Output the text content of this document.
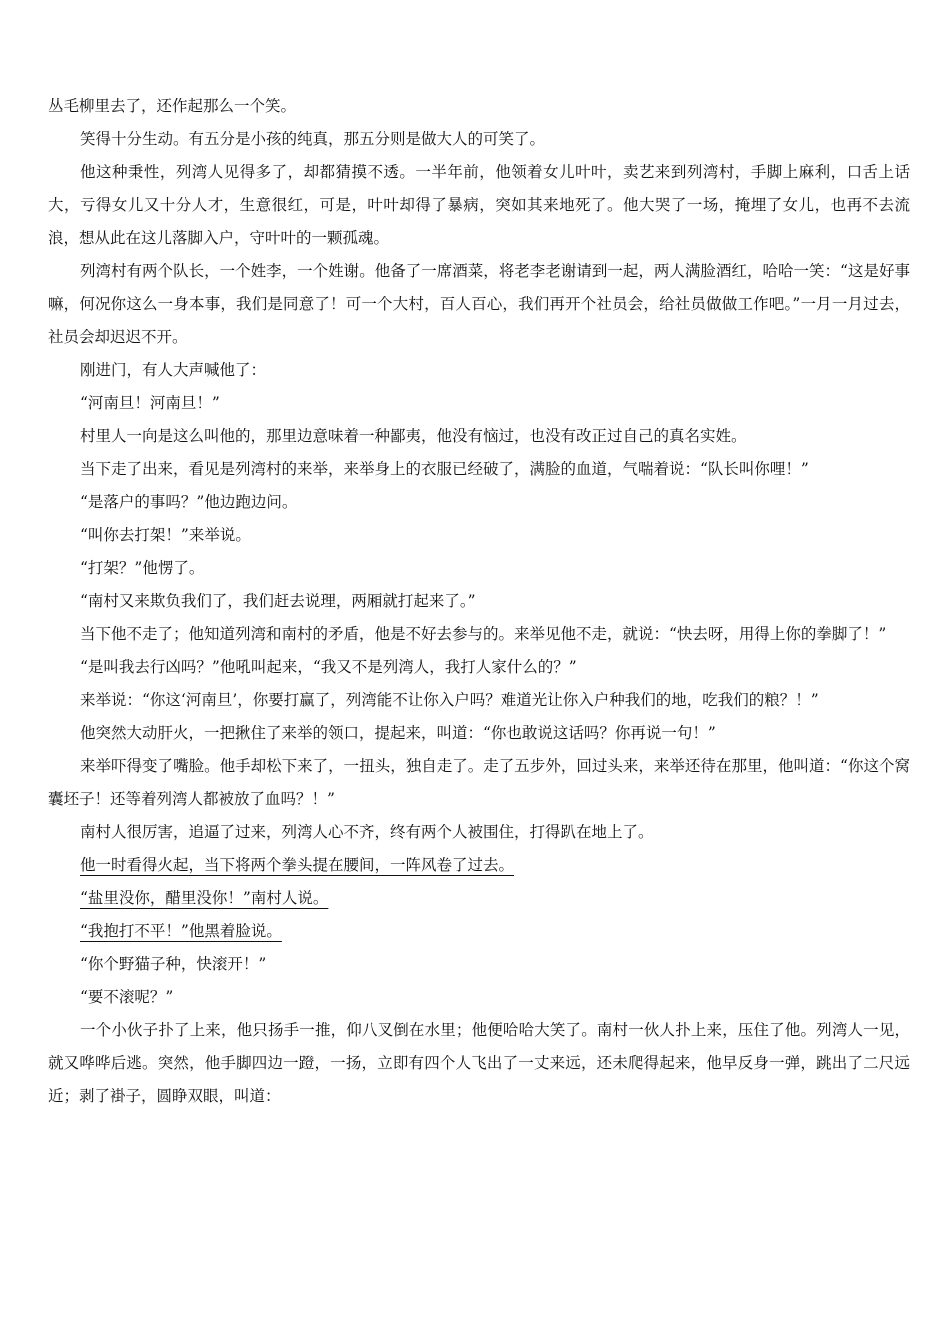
丛毛柳里去了，还作起那么一个笑。

笑得十分生动。有五分是小孩的纯真，那五分则是做大人的可笑了。

他这种秉性，列湾人见得多了，却都猜摸不透。一半年前，他领着女儿叶叶，卖艺来到列湾村，手脚上麻利，口舌上话大，亏得女儿又十分人才，生意很红，可是，叶叶却得了暴病，突如其来地死了。他大哭了一场，掩埋了女儿，也再不去流浪，想从此在这儿落脚入户，守叶叶的一颗孤魂。

列湾村有两个队长，一个姓李，一个姓谢。他备了一席酒菜，将老李老谢请到一起，两人满脸酒红，哈哈一笑：“这是好事嘛，何况你这么一身本事，我们是同意了！可一个大村，百人百心，我们再开个社员会，给社员做做工作吧。”一月一月过去，社员会却迟迟不开。

刚进门，有人大声喊他了：

“河南旦！河南旦！”

村里人一向是这么叫他的，那里边意味着一种鄙夷，他没有恼过，也没有改正过自己的真名实姓。

当下走了出来，看见是列湾村的来举，来举身上的衣服已经破了，满脸的血道，气喘着说：“队长叫你哩！”

“是落户的事吗？”他边跑边问。

“叫你去打架！”来举说。

“打架？”他愣了。

“南村又来欺负我们了，我们赶去说理，两厢就打起来了。”

当下他不走了；他知道列湾和南村的矛盾，他是不好去参与的。来举见他不走，就说：“快去呀，用得上你的拳脚了！”

“是叫我去行凶吗？”他吼叫起来，“我又不是列湾人，我打人家什么的？”

来举说：“你这‘河南旦’，你要打赢了，列湾能不让你入户吗？难道光让你入户种我们的地，吃我们的粮？！”

他突然大动肝火，一把揪住了来举的领口，提起来，叫道：“你也敢说这话吗？你再说一句！”

来举吓得变了嘴脸。他手却松下来了，一扭头，独自走了。走了五步外，回过头来，来举还待在那里，他叫道：“你这个窝囊坯子！还等着列湾人都被放了血吗？！”

南村人很厉害，追逼了过来，列湾人心不齐，终有两个人被围住，打得趴在地上了。

他一时看得火起，当下将两个拳头提在腰间，一阵风卷了过去。

“盐里没你，醋里没你！”南村人说。

“我抱打不平！”他黑着脸说。

“你个野猫子种，快滚开！”

“要不滚呢？”

一个小伙子扑了上来，他只扬手一推，仰八叉倒在水里；他便哈哈大笑了。南村一伙人扑上来，压住了他。列湾人一见，就又哗哗后逃。突然，他手脚四边一蹬，一扬，立即有四个人飞出了一丈来远，还未爬得起来，他早反身一弹，跳出了二尺远近；剥了褂子，圆睁双眼，叫道：
